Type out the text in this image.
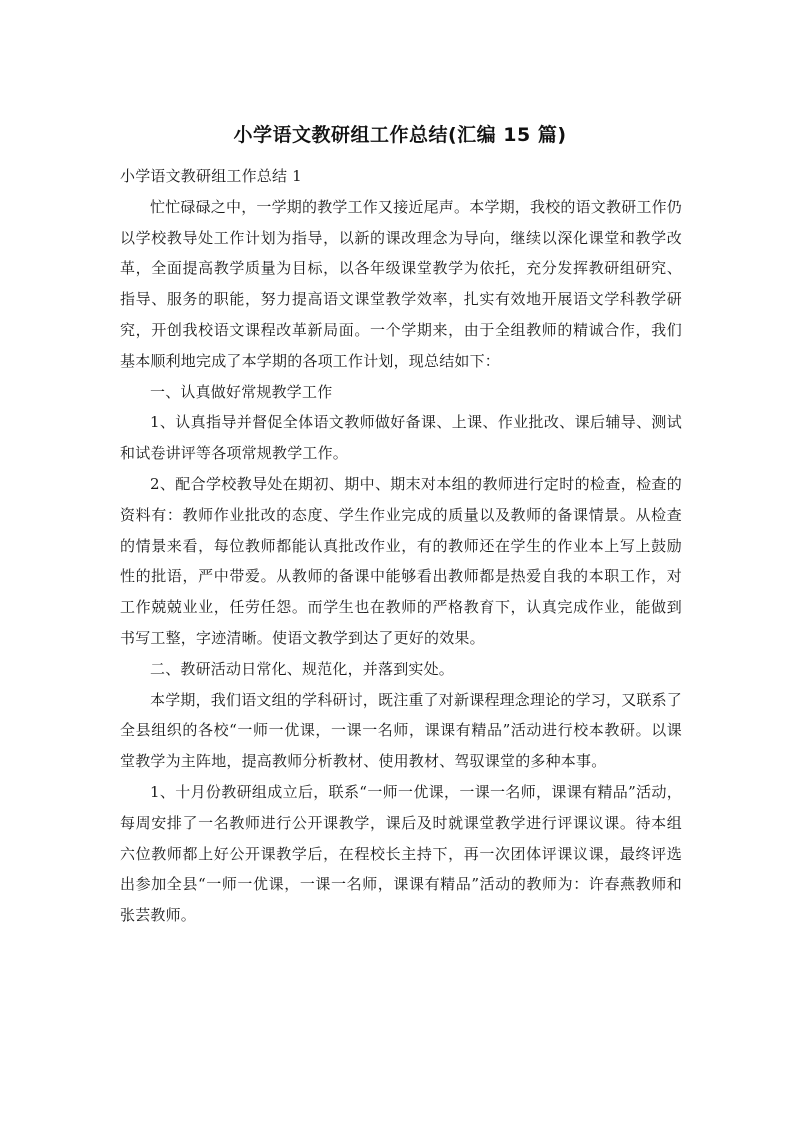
小学语文教研组工作总结(汇编 15 篇)

小学语文教研组工作总结 1

忙忙碌碌之中，一学期的教学工作又接近尾声。本学期，我校的语文教研工作仍以学校教导处工作计划为指导，以新的课改理念为导向，继续以深化课堂和教学改革，全面提高教学质量为目标，以各年级课堂教学为依托，充分发挥教研组研究、指导、服务的职能，努力提高语文课堂教学效率，扎实有效地开展语文学科教学研究，开创我校语文课程改革新局面。一个学期来，由于全组教师的精诚合作，我们基本顺利地完成了本学期的各项工作计划，现总结如下：

一、认真做好常规教学工作

1、认真指导并督促全体语文教师做好备课、上课、作业批改、课后辅导、测试和试卷讲评等各项常规教学工作。

2、配合学校教导处在期初、期中、期末对本组的教师进行定时的检查，检查的资料有：教师作业批改的态度、学生作业完成的质量以及教师的备课情景。从检查的情景来看，每位教师都能认真批改作业，有的教师还在学生的作业本上写上鼓励性的批语，严中带爱。从教师的备课中能够看出教师都是热爱自我的本职工作，对工作兢兢业业，任劳任怨。而学生也在教师的严格教育下，认真完成作业，能做到书写工整，字迹清晰。使语文教学到达了更好的效果。

二、教研活动日常化、规范化，并落到实处。

本学期，我们语文组的学科研讨，既注重了对新课程理念理论的学习，又联系了全县组织的各校“一师一优课，一课一名师，课课有精品”活动进行校本教研。以课堂教学为主阵地，提高教师分析教材、使用教材、驾驭课堂的多种本事。

1、十月份教研组成立后，联系“一师一优课，一课一名师，课课有精品”活动，每周安排了一名教师进行公开课教学，课后及时就课堂教学进行评课议课。待本组六位教师都上好公开课教学后，在程校长主持下，再一次团体评课议课，最终评选出参加全县“一师一优课，一课一名师，课课有精品”活动的教师为：许春燕教师和张芸教师。
